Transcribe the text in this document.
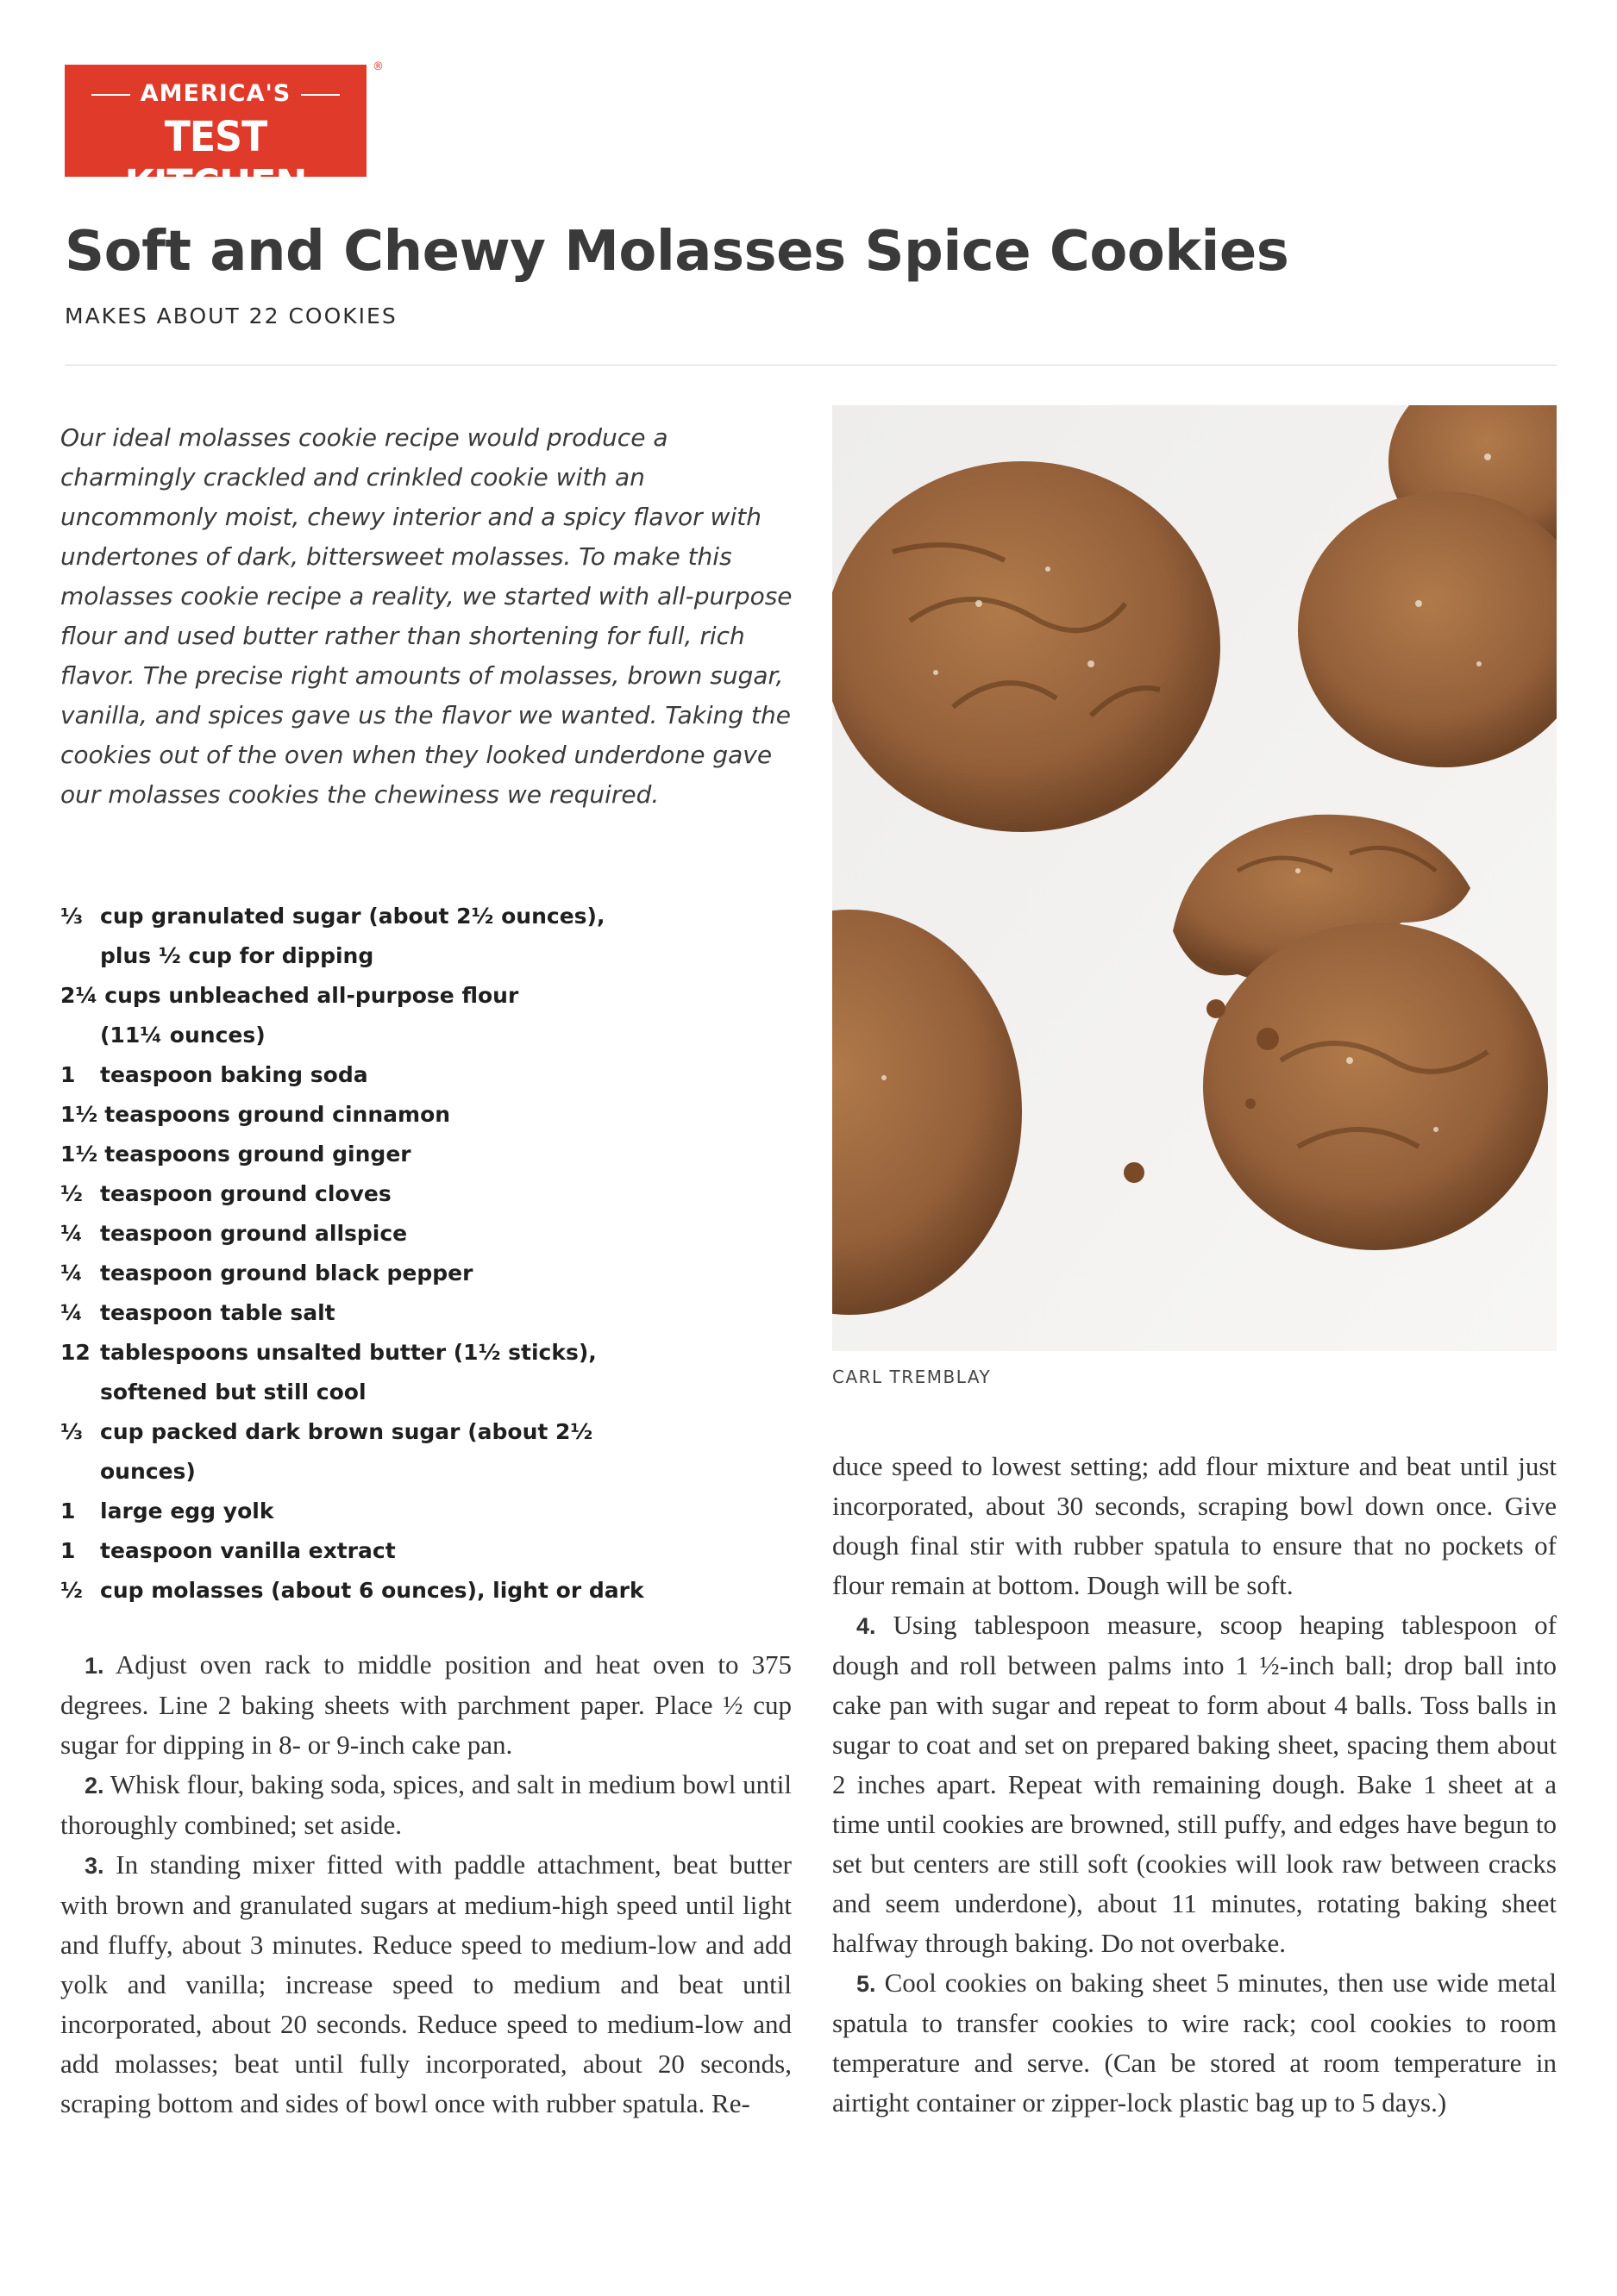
AMERICA'S
TEST KITCHEN
®
Soft and Chewy Molasses Spice Cookies
MAKES ABOUT 22 COOKIES

Our ideal molasses cookie recipe would produce a charmingly crackled and crinkled cookie with an uncommonly moist, chewy interior and a spicy flavor with undertones of dark, bittersweet molasses. To make this molasses cookie recipe a reality, we started with all-purpose flour and used butter rather than shortening for full, rich flavor. The precise right amounts of molasses, brown sugar, vanilla, and spices gave us the flavor we wanted. Taking the cookies out of the oven when they looked underdone gave our molasses cookies the chewiness we required.

⅓ cup granulated sugar (about 2½ ounces),
plus ½ cup for dipping
2¼ cups unbleached all-purpose flour
(11¼ ounces)
1	teaspoon baking soda
1½ teaspoons ground cinnamon
1½ teaspoons ground ginger
½ teaspoon ground cloves
¼ teaspoon ground allspice
¼ teaspoon ground black pepper
¼ teaspoon table salt
12 tablespoons unsalted butter (1½ sticks),
softened but still cool
⅓ cup packed dark brown sugar (about 2½
ounces)
1	large egg yolk
1	teaspoon vanilla extract
½ cup molasses (about 6 ounces), light or dark
CARL TREMBLAY

1. Adjust oven rack to middle position and heat oven to 375 degrees. Line 2 baking sheets with parchment paper. Place ½ cup sugar for dipping in 8- or 9-inch cake pan.

2. Whisk flour, baking soda, spices, and salt in medium bowl until thoroughly combined; set aside.

3. In standing mixer fitted with paddle attachment, beat butter with brown and granulated sugars at medium-high speed until light and fluffy, about 3 minutes. Reduce speed to medium-low and add yolk and vanilla; increase speed to medium and beat until incorporated, about 20 seconds. Reduce speed to medium-low and add molasses; beat until fully incorporated, about 20 seconds, scraping bottom and sides of bowl once with rubber spatula. Re-

duce speed to lowest setting; add flour mixture and beat until just incorporated, about 30 seconds, scraping bowl down once. Give dough final stir with rubber spatula to ensure that no pockets of flour remain at bottom. Dough will be soft.

4. Using tablespoon measure, scoop heaping tablespoon of dough and roll between palms into 1 ½-inch ball; drop ball into cake pan with sugar and repeat to form about 4 balls. Toss balls in sugar to coat and set on prepared baking sheet, spacing them about 2 inches apart. Repeat with remaining dough. Bake 1 sheet at a time until cookies are browned, still puffy, and edges have begun to set but centers are still soft (cookies will look raw between cracks and seem underdone), about 11 minutes, rotating baking sheet halfway through baking. Do not overbake.

5. Cool cookies on baking sheet 5 minutes, then use wide metal spatula to transfer cookies to wire rack; cool cookies to room temperature and serve. (Can be stored at room temperature in airtight container or zipper-lock plastic bag up to 5 days.)
